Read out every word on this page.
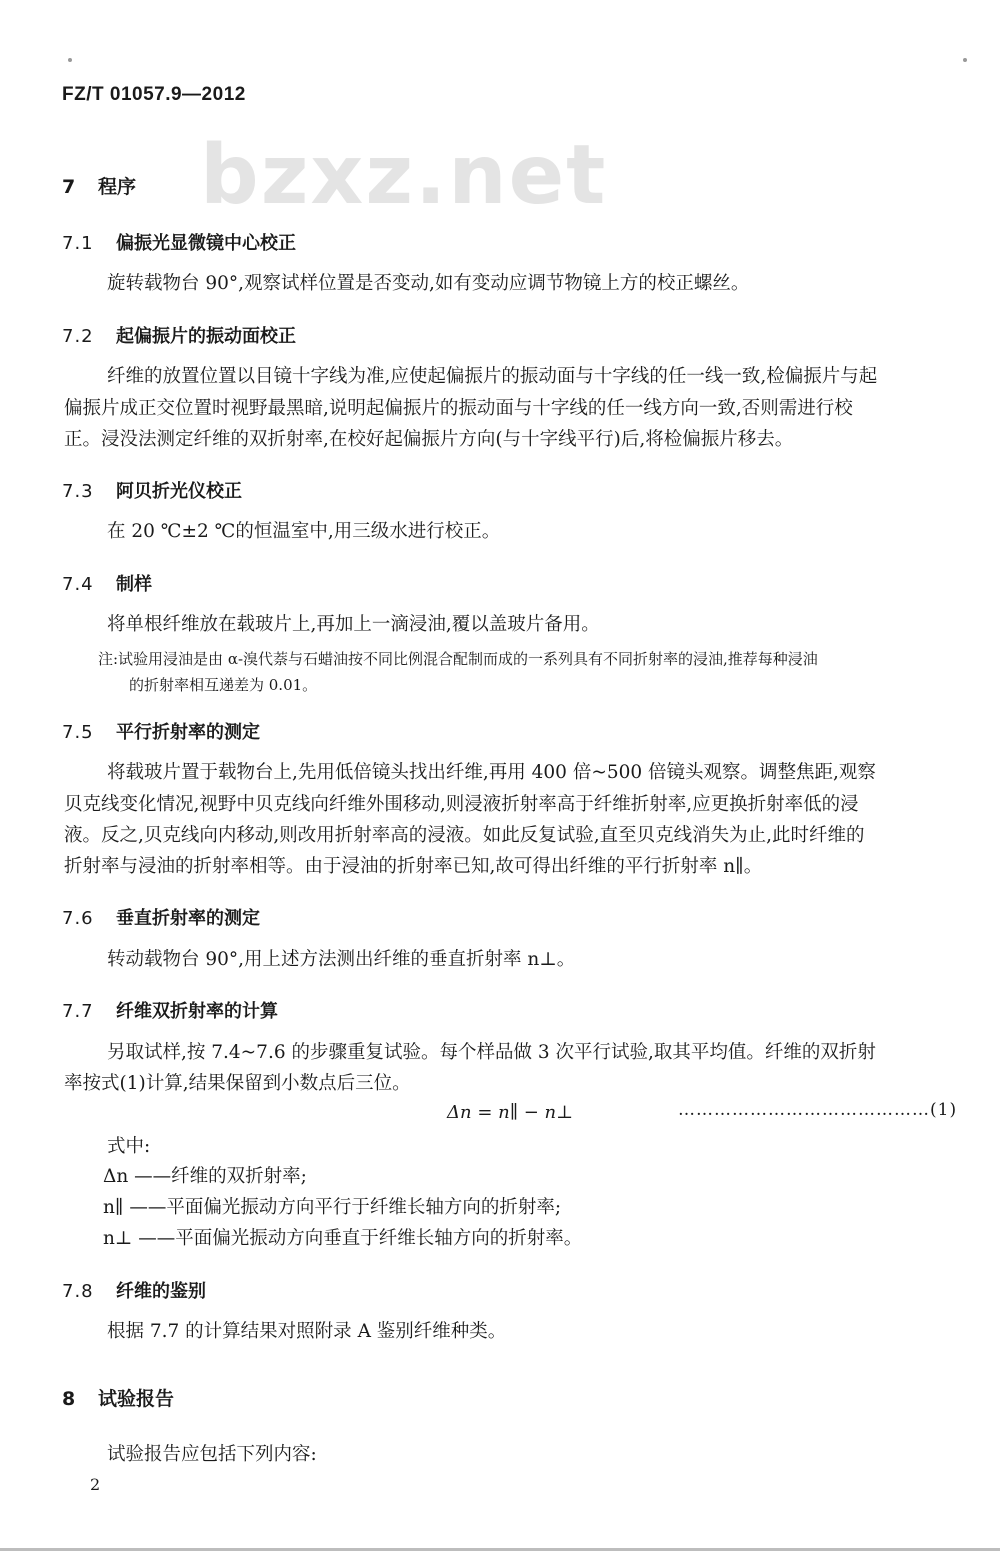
FZ/T 01057.9—2012
bzxz.net
7 程序
7.1 偏振光显微镜中心校正
旋转载物台 90°,观察试样位置是否变动,如有变动应调节物镜上方的校正螺丝。
7.2 起偏振片的振动面校正
纤维的放置位置以目镜十字线为准,应使起偏振片的振动面与十字线的任一线一致,检偏振片与起
偏振片成正交位置时视野最黑暗,说明起偏振片的振动面与十字线的任一线方向一致,否则需进行校
正。浸没法测定纤维的双折射率,在校好起偏振片方向(与十字线平行)后,将检偏振片移去。
7.3 阿贝折光仪校正
在 20 ℃±2 ℃的恒温室中,用三级水进行校正。
7.4 制样
将单根纤维放在载玻片上,再加上一滴浸油,覆以盖玻片备用。
注:试验用浸油是由 α-溴代萘与石蜡油按不同比例混合配制而成的一系列具有不同折射率的浸油,推荐每种浸油
的折射率相互递差为 0.01。
7.5 平行折射率的测定
将载玻片置于载物台上,先用低倍镜头找出纤维,再用 400 倍~500 倍镜头观察。调整焦距,观察
贝克线变化情况,视野中贝克线向纤维外围移动,则浸液折射率高于纤维折射率,应更换折射率低的浸
液。反之,贝克线向内移动,则改用折射率高的浸液。如此反复试验,直至贝克线消失为止,此时纤维的
折射率与浸油的折射率相等。由于浸油的折射率已知,故可得出纤维的平行折射率 n∥。
7.6 垂直折射率的测定
转动载物台 90°,用上述方法测出纤维的垂直折射率 n⊥。
7.7 纤维双折射率的计算
另取试样,按 7.4~7.6 的步骤重复试验。每个样品做 3 次平行试验,取其平均值。纤维的双折射
率按式(1)计算,结果保留到小数点后三位。
Δn = n∥ − n⊥	……………………………………(1)
式中:
Δn ——纤维的双折射率;
n∥ ——平面偏光振动方向平行于纤维长轴方向的折射率;
n⊥ ——平面偏光振动方向垂直于纤维长轴方向的折射率。
7.8 纤维的鉴别
根据 7.7 的计算结果对照附录 A 鉴别纤维种类。
8 试验报告
试验报告应包括下列内容:
2
